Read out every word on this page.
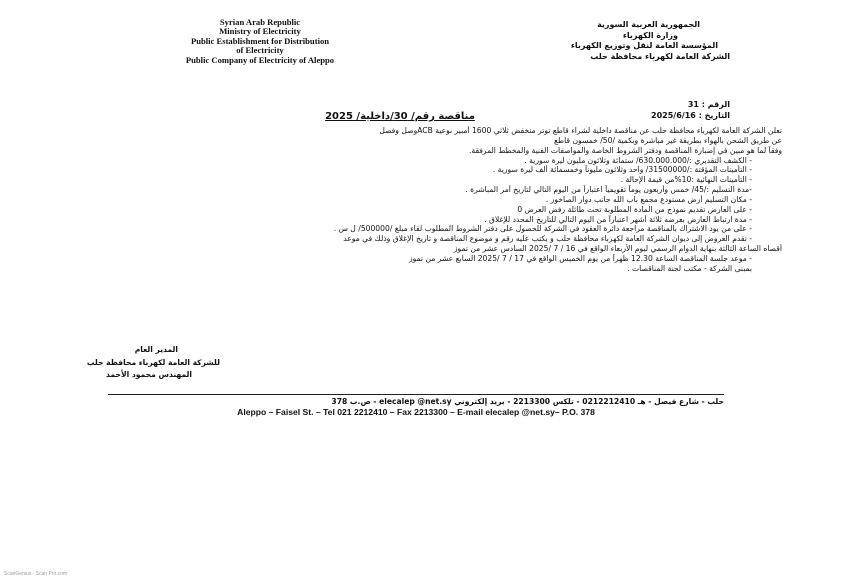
Syrian Arab Republic
Ministry of Electricity
Public Establishment for Distribution
of Electricity
Public Company of Electricity of Aleppo
الجمهورية العربية السورية
وزارة الكهرباء
المؤسسة العامة لنقل وتوزيع الكهرباء
الشركة العامة لكهرباء محافظة حلب
الرقم : 31
التاريخ : 2025/6/16
مناقصة رقم/ 30/داخلية/ 2025
تعلن الشركة العامة لكهرباء محافظة حلب عن مناقصة داخلية لشراء قاطع توتر منخفض ثلاثي 1600 أمبير نوعية ACBوصل وفصل
عن طريق الشحن بالهواء بطريقة غير مباشرة وبكمية /50/ خمسون قاطع
وفقاً لما هو مبين في إضبارة المناقصة ودفتر الشروط الخاصة والمواصفات الفنية والمخطط المرفقة.
- الكشف التقديري :/630.000.000/ ستمائة وثلاثون مليون ليرة سورية .
- التأمينات المؤقتة :/31500000/ واحد وثلاثون مليوناً وخمسمائة ألف ليرة سورية .
- التأمينات النهائية :10%من قيمة الإحالة .
-مدة التسليم :/45/ خمس وأربعون يوماً تقويمياً اعتباراً من اليوم التالي لتاريخ أمر المباشرة .
- مكان التسليم أرض مستودع مجمع باب الله جانب دوار الصاخور .
- على العارض تقديم نموذج من المادة المطلوبة تحت طائلة رفض العرض 0
- مدة ارتباط العارض بعرضه ثلاثة أشهر اعتباراً من اليوم التالي للتاريخ المحدد للإغلاق .
- على من يود الاشتراك بالمناقصة مراجعة دائرة العقود في الشركة للحصول على دفتر الشروط المطلوب لقاء مبلغ /500000/ ل س .
- تقدم العروض إلى ديوان الشركة العامة لكهرباء محافظة حلب و يكتب عليه رقم و موضوع المناقصة و تاريخ الإغلاق وذلك في موعد
أقصاه الساعة الثالثة بنهاية الدوام الرسمي ليوم الأربعاء الواقع في 16 / 7 /2025 السادس عشر من تموز
- موعد جلسة المناقصة الساعة 12.30 ظهراً من يوم الخميس الواقع في 17 / 7 /2025 السابع عشر من تموز
بمبنى الشركة - مكتب لجنة المناقصات .
المدير العام
للشركة العامة لكهرباء محافظة حلب
المهندس محمود الأحمد
حلب - شارع فيصل - هـ 0212212410 - تلكس 2213300 - بريد إلكتروني elecalep @net.sy - ص.ب 378
Aleppo – Faisel St. – Tel 021 2212410 – Fax 2213300 – E-mail elecalep @net.sy– P.O. 378
ScanGenius · Scan Pro.com
